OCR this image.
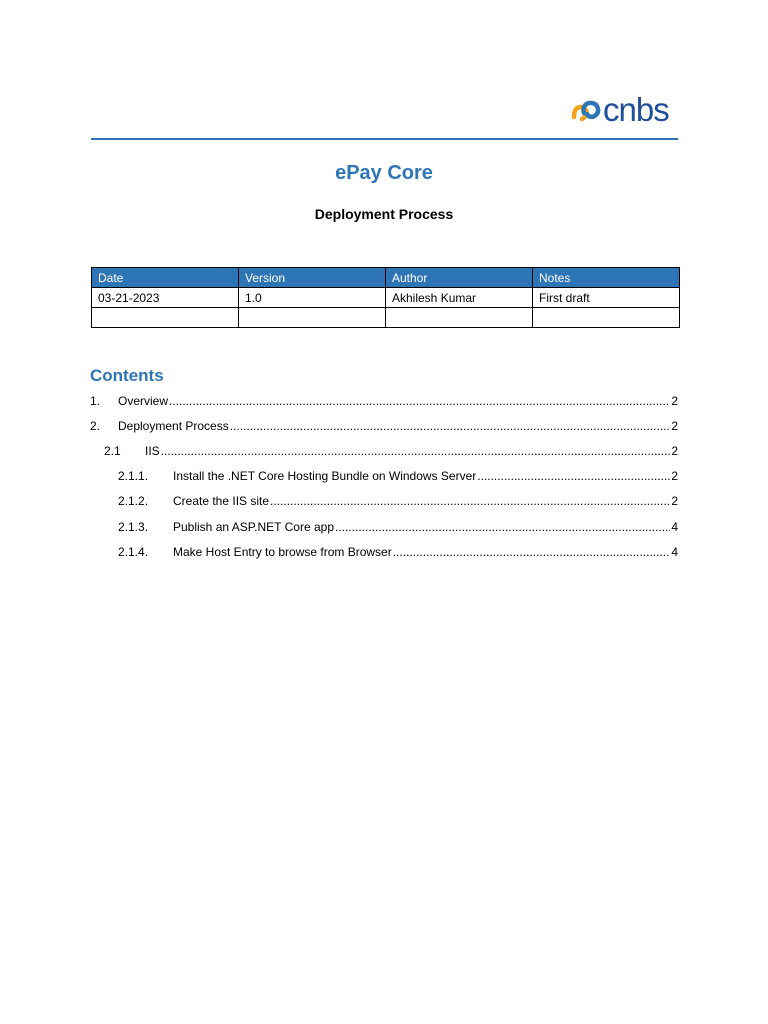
cnbs
ePay Core
Deployment Process
Date	Version	Author	Notes
03-21-2023	1.0	Akhilesh Kumar	First draft

Contents
1.	Overview .....	2
2.	Deployment Process .....	2
2.1	IIS .....	2
2.1.1.	Install the .NET Core Hosting Bundle on Windows Server .....	2
2.1.2.	Create the IIS site .....	2
2.1.3.	Publish an ASP.NET Core app .....	4
2.1.4.	Make Host Entry to browse from Browser .....	4
